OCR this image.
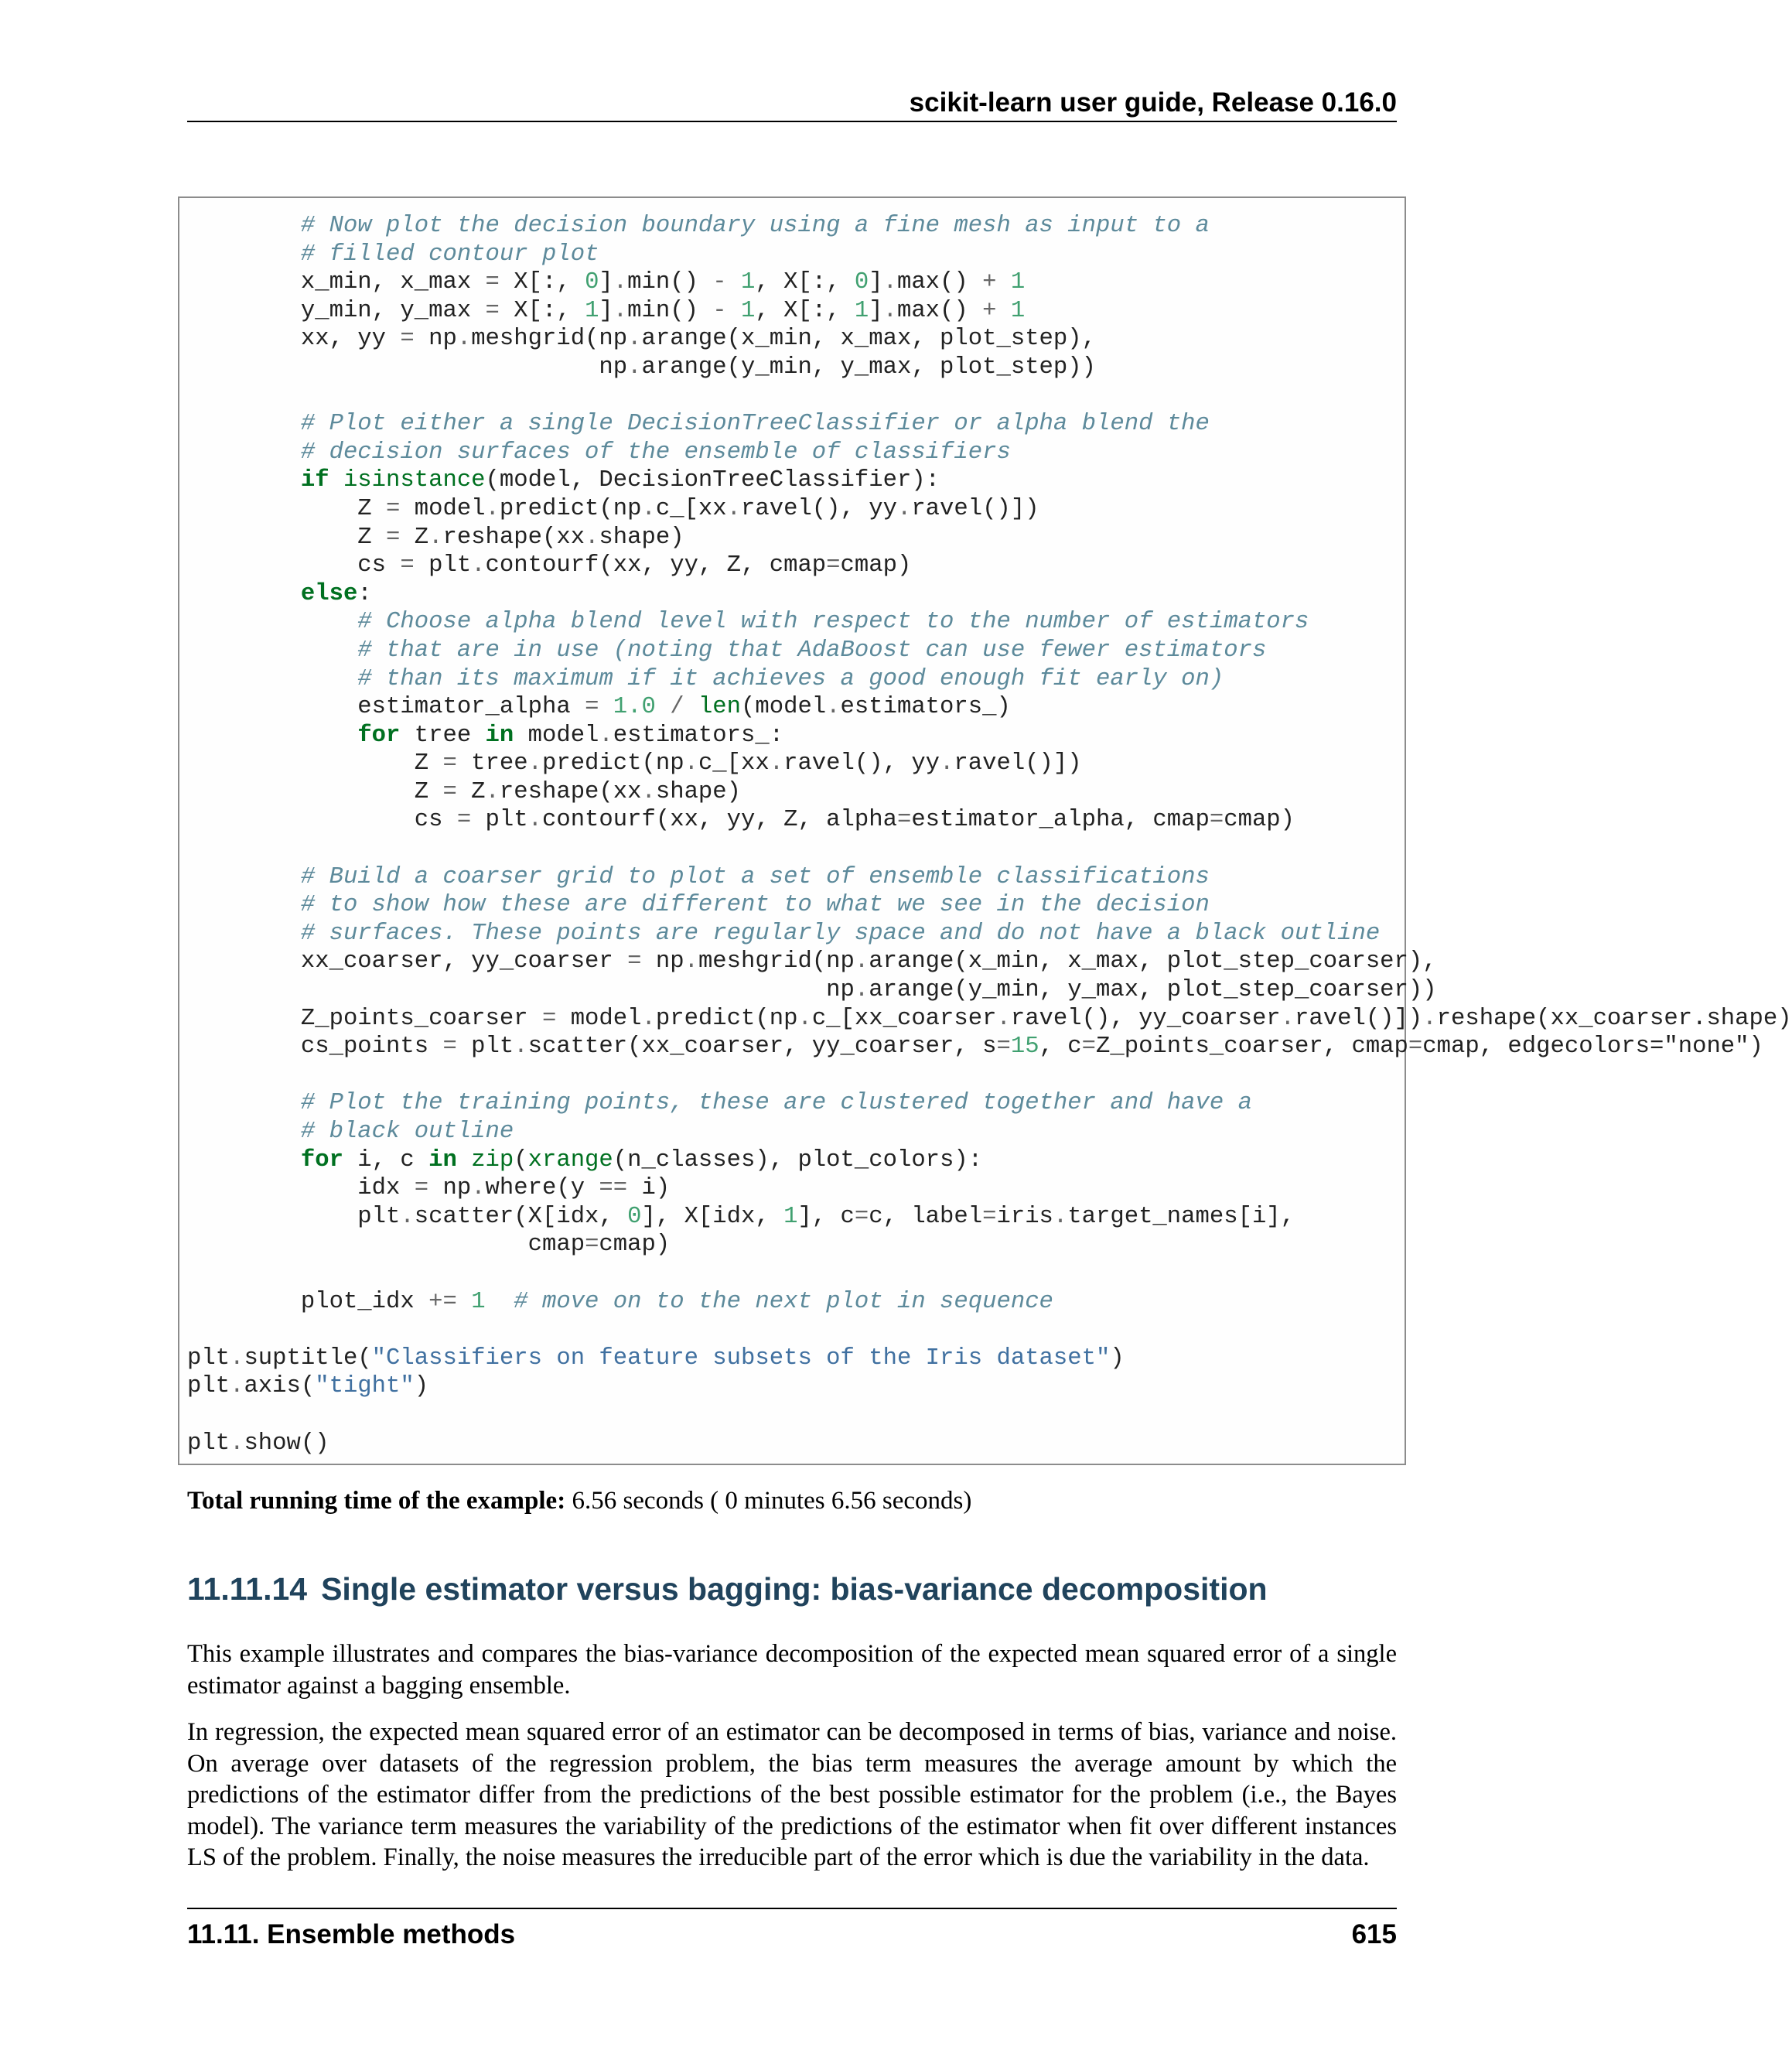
scikit-learn user guide, Release 0.16.0
# Now plot the decision boundary using a fine mesh as input to a
# filled contour plot
x_min, x_max = X[:, 0].min() - 1, X[:, 0].max() + 1
y_min, y_max = X[:, 1].min() - 1, X[:, 1].max() + 1
xx, yy = np.meshgrid(np.arange(x_min, x_max, plot_step),
np.arange(y_min, y_max, plot_step))

# Plot either a single DecisionTreeClassifier or alpha blend the
# decision surfaces of the ensemble of classifiers
if isinstance(model, DecisionTreeClassifier):
Z = model.predict(np.c_[xx.ravel(), yy.ravel()])
Z = Z.reshape(xx.shape)
cs = plt.contourf(xx, yy, Z, cmap=cmap)
else:
# Choose alpha blend level with respect to the number of estimators
# that are in use (noting that AdaBoost can use fewer estimators
# than its maximum if it achieves a good enough fit early on)
estimator_alpha = 1.0 / len(model.estimators_)
for tree in model.estimators_:
Z = tree.predict(np.c_[xx.ravel(), yy.ravel()])
Z = Z.reshape(xx.shape)
cs = plt.contourf(xx, yy, Z, alpha=estimator_alpha, cmap=cmap)

# Build a coarser grid to plot a set of ensemble classifications
# to show how these are different to what we see in the decision
# surfaces. These points are regularly space and do not have a black outline
xx_coarser, yy_coarser = np.meshgrid(np.arange(x_min, x_max, plot_step_coarser),
np.arange(y_min, y_max, plot_step_coarser))
Z_points_coarser = model.predict(np.c_[xx_coarser.ravel(), yy_coarser.ravel()]).reshape(xx_coarser.shape)
cs_points = plt.scatter(xx_coarser, yy_coarser, s=15, c=Z_points_coarser, cmap=cmap, edgecolors="none")

# Plot the training points, these are clustered together and have a
# black outline
for i, c in zip(xrange(n_classes), plot_colors):
idx = np.where(y == i)
plt.scatter(X[idx, 0], X[idx, 1], c=c, label=iris.target_names[i],
cmap=cmap)

plot_idx += 1 # move on to the next plot in sequence

plt.suptitle("Classifiers on feature subsets of the Iris dataset")
plt.axis("tight")

plt.show()
Total running time of the example: 6.56 seconds ( 0 minutes 6.56 seconds)
11.11.14 Single estimator versus bagging: bias-variance decomposition

This example illustrates and compares the bias-variance decomposition of the expected mean squared error of a single estimator against a bagging ensemble.

In regression, the expected mean squared error of an estimator can be decomposed in terms of bias, variance and noise. On average over datasets of the regression problem, the bias term measures the average amount by which the predictions of the estimator differ from the predictions of the best possible estimator for the problem (i.e., the Bayes model). The variance term measures the variability of the predictions of the estimator when fit over different instances LS of the problem. Finally, the noise measures the irreducible part of the error which is due the variability in the data.

11.11. Ensemble methods	615
